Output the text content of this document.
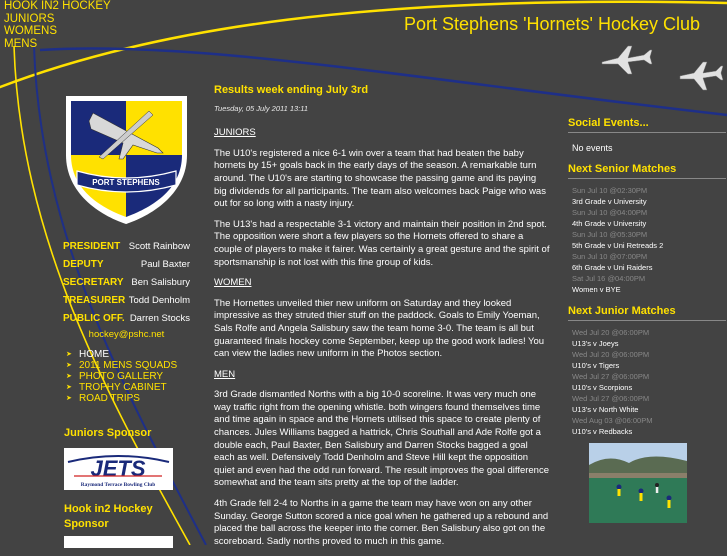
HOOK IN2 HOCKEY
JUNIORS
WOMENS
MENS
Port Stephens 'Hornets' Hockey Club
PORT STEPHENS
PRESIDENT Scott Rainbow
DEPUTY	Paul Baxter
SECRETARY Ben Salisbury
TREASURER Todd Denholm
PUBLIC OFF. Darren Stocks
hockey@pshc.net
➤ HOME
➤ 2011 MENS SQUADS
➤ PHOTO GALLERY
➤ TROPHY CABINET
➤ ROAD TRIPS
Juniors Sponsor
JETS
Raymond Terrace Bowling Club
Hook in2 Hockey Sponsor
Results week ending July 3rd
Tuesday, 05 July 2011 13:11

JUNIORS

The U10's registered a nice 6-1 win over a team that had beaten the baby hornets by 15+ goals back in the early days of the season. A remarkable turn around. The U10's are starting to showcase the passing game and its paying big dividends for all participants. The team also welcomes back Paige who was out for so long with a nasty injury.

The U13's had a respectable 3-1 victory and maintain their position in 2nd spot. The opposition were short a few players so the Hornets offered to share a couple of players to make it fairer. Was certainly a great gesture and the spirit of sportsmanship is not lost with this fine group of kids.

WOMEN

The Hornettes unveiled thier new uniform on Saturday and they looked impressive as they struted thier stuff on the paddock. Goals to Emily Yoeman, Sals Rolfe and Angela Salisbury saw the team home 3-0. The team is all but guaranteed finals hockey come September, keep up the good work ladies! You can view the ladies new uniform in the Photos section.

MEN

3rd Grade dismantled Norths with a big 10-0 scoreline. It was very much one way traffic right from the opening whistle. both wingers found themselves time and time again in space and the Hornets utilised this space to create plenty of chances. Jules Williams bagged a hattrick, Chris Southall and Ade Rolfe got a double each, Paul Baxter, Ben Salisbury and Darren Stocks bagged a goal each as well. Defensively Todd Denholm and Steve Hill kept the opposition quiet and even had the odd run forward. The result improves the goal difference somewhat and the team sits pretty at the top of the ladder.

4th Grade fell 2-4 to Norths in a game the team may have won on any other Sunday. George Sutton scored a nice goal when he gathered up a rebound and placed the ball across the keeper into the corner. Ben Salisbury also got on the scoreboard. Sadly norths proved to much in this game.

Social Events...
No events
Next Senior Matches
Sun Jul 10 @02:30PM
3rd Grade v University
Sun Jul 10 @04:00PM
4th Grade v University
Sun Jul 10 @05:30PM
5th Grade v Uni Retreads 2
Sun Jul 10 @07:00PM
6th Grade v Uni Raiders
Sat Jul 16 @04:00PM
Women v BYE
Next Junior Matches
Wed Jul 20 @06:00PM
U13's v Joeys
Wed Jul 20 @06:00PM
U10's v Tigers
Wed Jul 27 @06:00PM
U10's v Scorpions
Wed Jul 27 @06:00PM
U13's v North White
Wed Aug 03 @06:00PM
U10's v Redbacks
